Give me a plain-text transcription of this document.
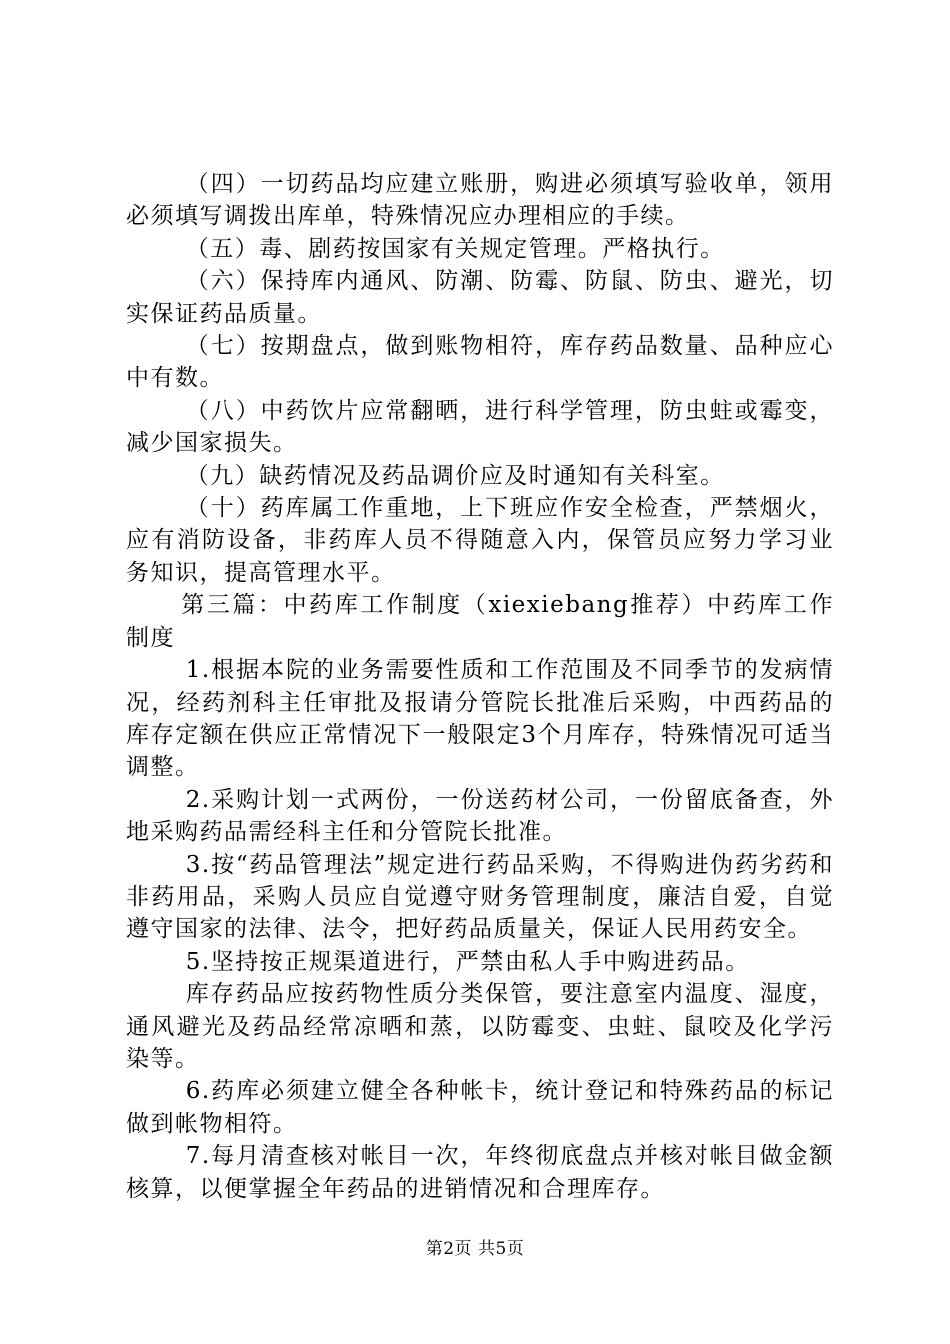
（四）一切药品均应建立账册，购进必须填写验收单，领用必须填写调拨出库单，特殊情况应办理相应的手续。

（五）毒、剧药按国家有关规定管理。严格执行。

（六）保持库内通风、防潮、防霉、防鼠、防虫、避光，切实保证药品质量。

（七）按期盘点，做到账物相符，库存药品数量、品种应心中有数。

（八）中药饮片应常翻晒，进行科学管理，防虫蛀或霉变，减少国家损失。

（九）缺药情况及药品调价应及时通知有关科室。

（十）药库属工作重地，上下班应作安全检查，严禁烟火，应有消防设备，非药库人员不得随意入内，保管员应努力学习业务知识，提高管理水平。

第三篇：中药库工作制度（xiexiebang推荐）中药库工作制度

1.根据本院的业务需要性质和工作范围及不同季节的发病情况，经药剂科主任审批及报请分管院长批准后采购，中西药品的库存定额在供应正常情况下一般限定3个月库存，特殊情况可适当调整。

2.采购计划一式两份，一份送药材公司，一份留底备查，外地采购药品需经科主任和分管院长批准。

3.按“药品管理法”规定进行药品采购，不得购进伪药劣药和非药用品，采购人员应自觉遵守财务管理制度，廉洁自爱，自觉遵守国家的法律、法令，把好药品质量关，保证人民用药安全。

5.坚持按正规渠道进行，严禁由私人手中购进药品。

库存药品应按药物性质分类保管，要注意室内温度、湿度，通风避光及药品经常凉晒和蒸，以防霉变、虫蛀、鼠咬及化学污染等。

6.药库必须建立健全各种帐卡，统计登记和特殊药品的标记做到帐物相符。

7.每月清查核对帐目一次，年终彻底盘点并核对帐目做金额核算，以便掌握全年药品的进销情况和合理库存。

第2页 共5页
